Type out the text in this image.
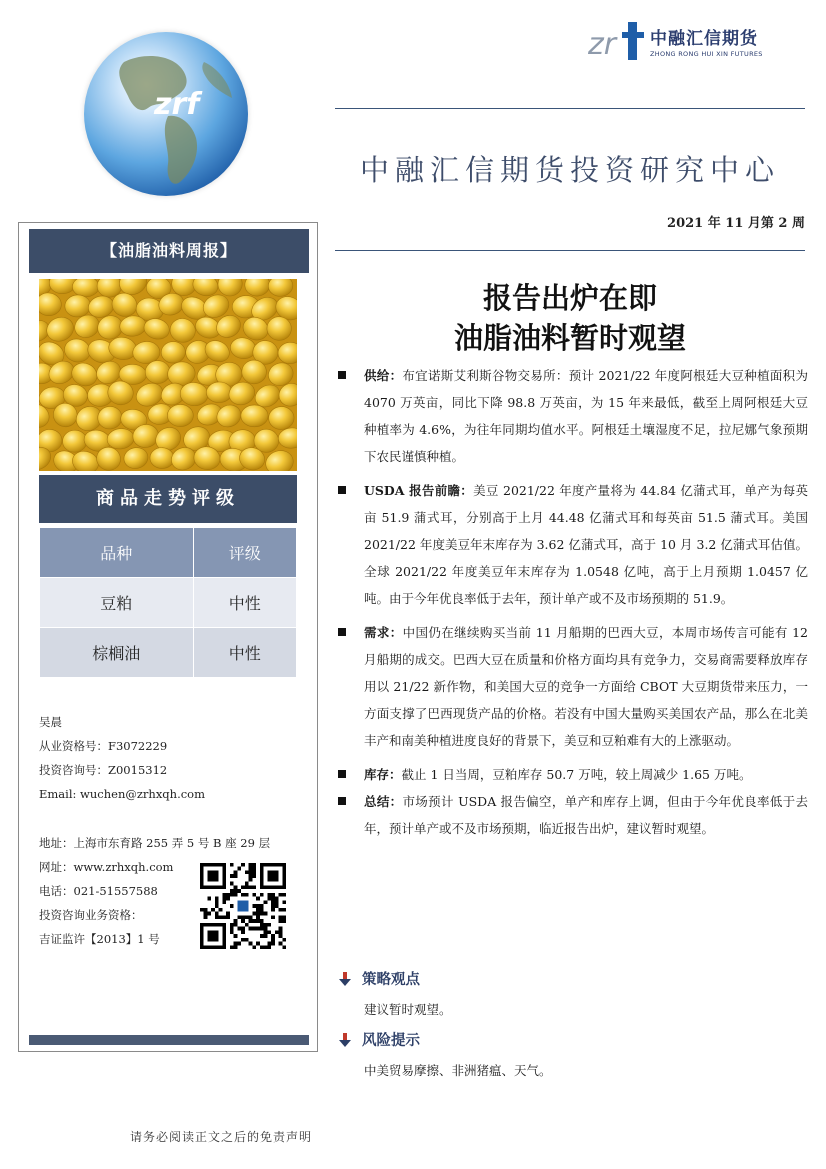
zrf
zr 中融汇信期货
ZHONG RONG HUI XIN FUTURES
中融汇信期货投资研究中心
2021 年 11 月第 2 周
【油脂油料周报】
商品走势评级
品种	评级
豆粕	中性
棕榈油	中性
吴晨
从业资格号：F3072229
投资咨询号：Z0015312
Email: wuchen@zrhxqh.com
地址：上海市东育路 255 弄 5 号 B 座 29 层
网址：www.zrhxqh.com
电话：021-51557588
投资咨询业务资格：
吉证监许【2013】1 号
请务必阅读正文之后的免责声明
报告出炉在即
油脂油料暂时观望
供给：布宜诺斯艾利斯谷物交易所：预计 2021/22 年度阿根廷大豆种植面积为 4070 万英亩，同比下降 98.8 万英亩，为 15 年来最低，截至上周阿根廷大豆种植率为 4.6%，为往年同期均值水平。阿根廷土壤湿度不足，拉尼娜气象预期下农民谨慎种植。
USDA 报告前瞻：美豆 2021/22 年度产量将为 44.84 亿蒲式耳，单产为每英亩 51.9 蒲式耳，分别高于上月 44.48 亿蒲式耳和每英亩 51.5 蒲式耳。美国 2021/22 年度美豆年末库存为 3.62 亿蒲式耳，高于 10 月 3.2 亿蒲式耳估值。全球 2021/22 年度美豆年末库存为 1.0548 亿吨，高于上月预期 1.0457 亿吨。由于今年优良率低于去年，预计单产或不及市场预期的 51.9。
需求：中国仍在继续购买当前 11 月船期的巴西大豆，本周市场传言可能有 12 月船期的成交。巴西大豆在质量和价格方面均具有竞争力，交易商需要释放库存用以 21/22 新作物，和美国大豆的竞争一方面给 CBOT 大豆期货带来压力，一方面支撑了巴西现货产品的价格。若没有中国大量购买美国农产品，那么在北美丰产和南美种植进度良好的背景下，美豆和豆粕难有大的上涨驱动。
库存：截止 1 日当周，豆粕库存 50.7 万吨，较上周减少 1.65 万吨。
总结：市场预计 USDA 报告偏空，单产和库存上调，但由于今年优良率低于去年，预计单产或不及市场预期，临近报告出炉，建议暂时观望。
策略观点
建议暂时观望。
风险提示
中美贸易摩擦、非洲猪瘟、天气。
